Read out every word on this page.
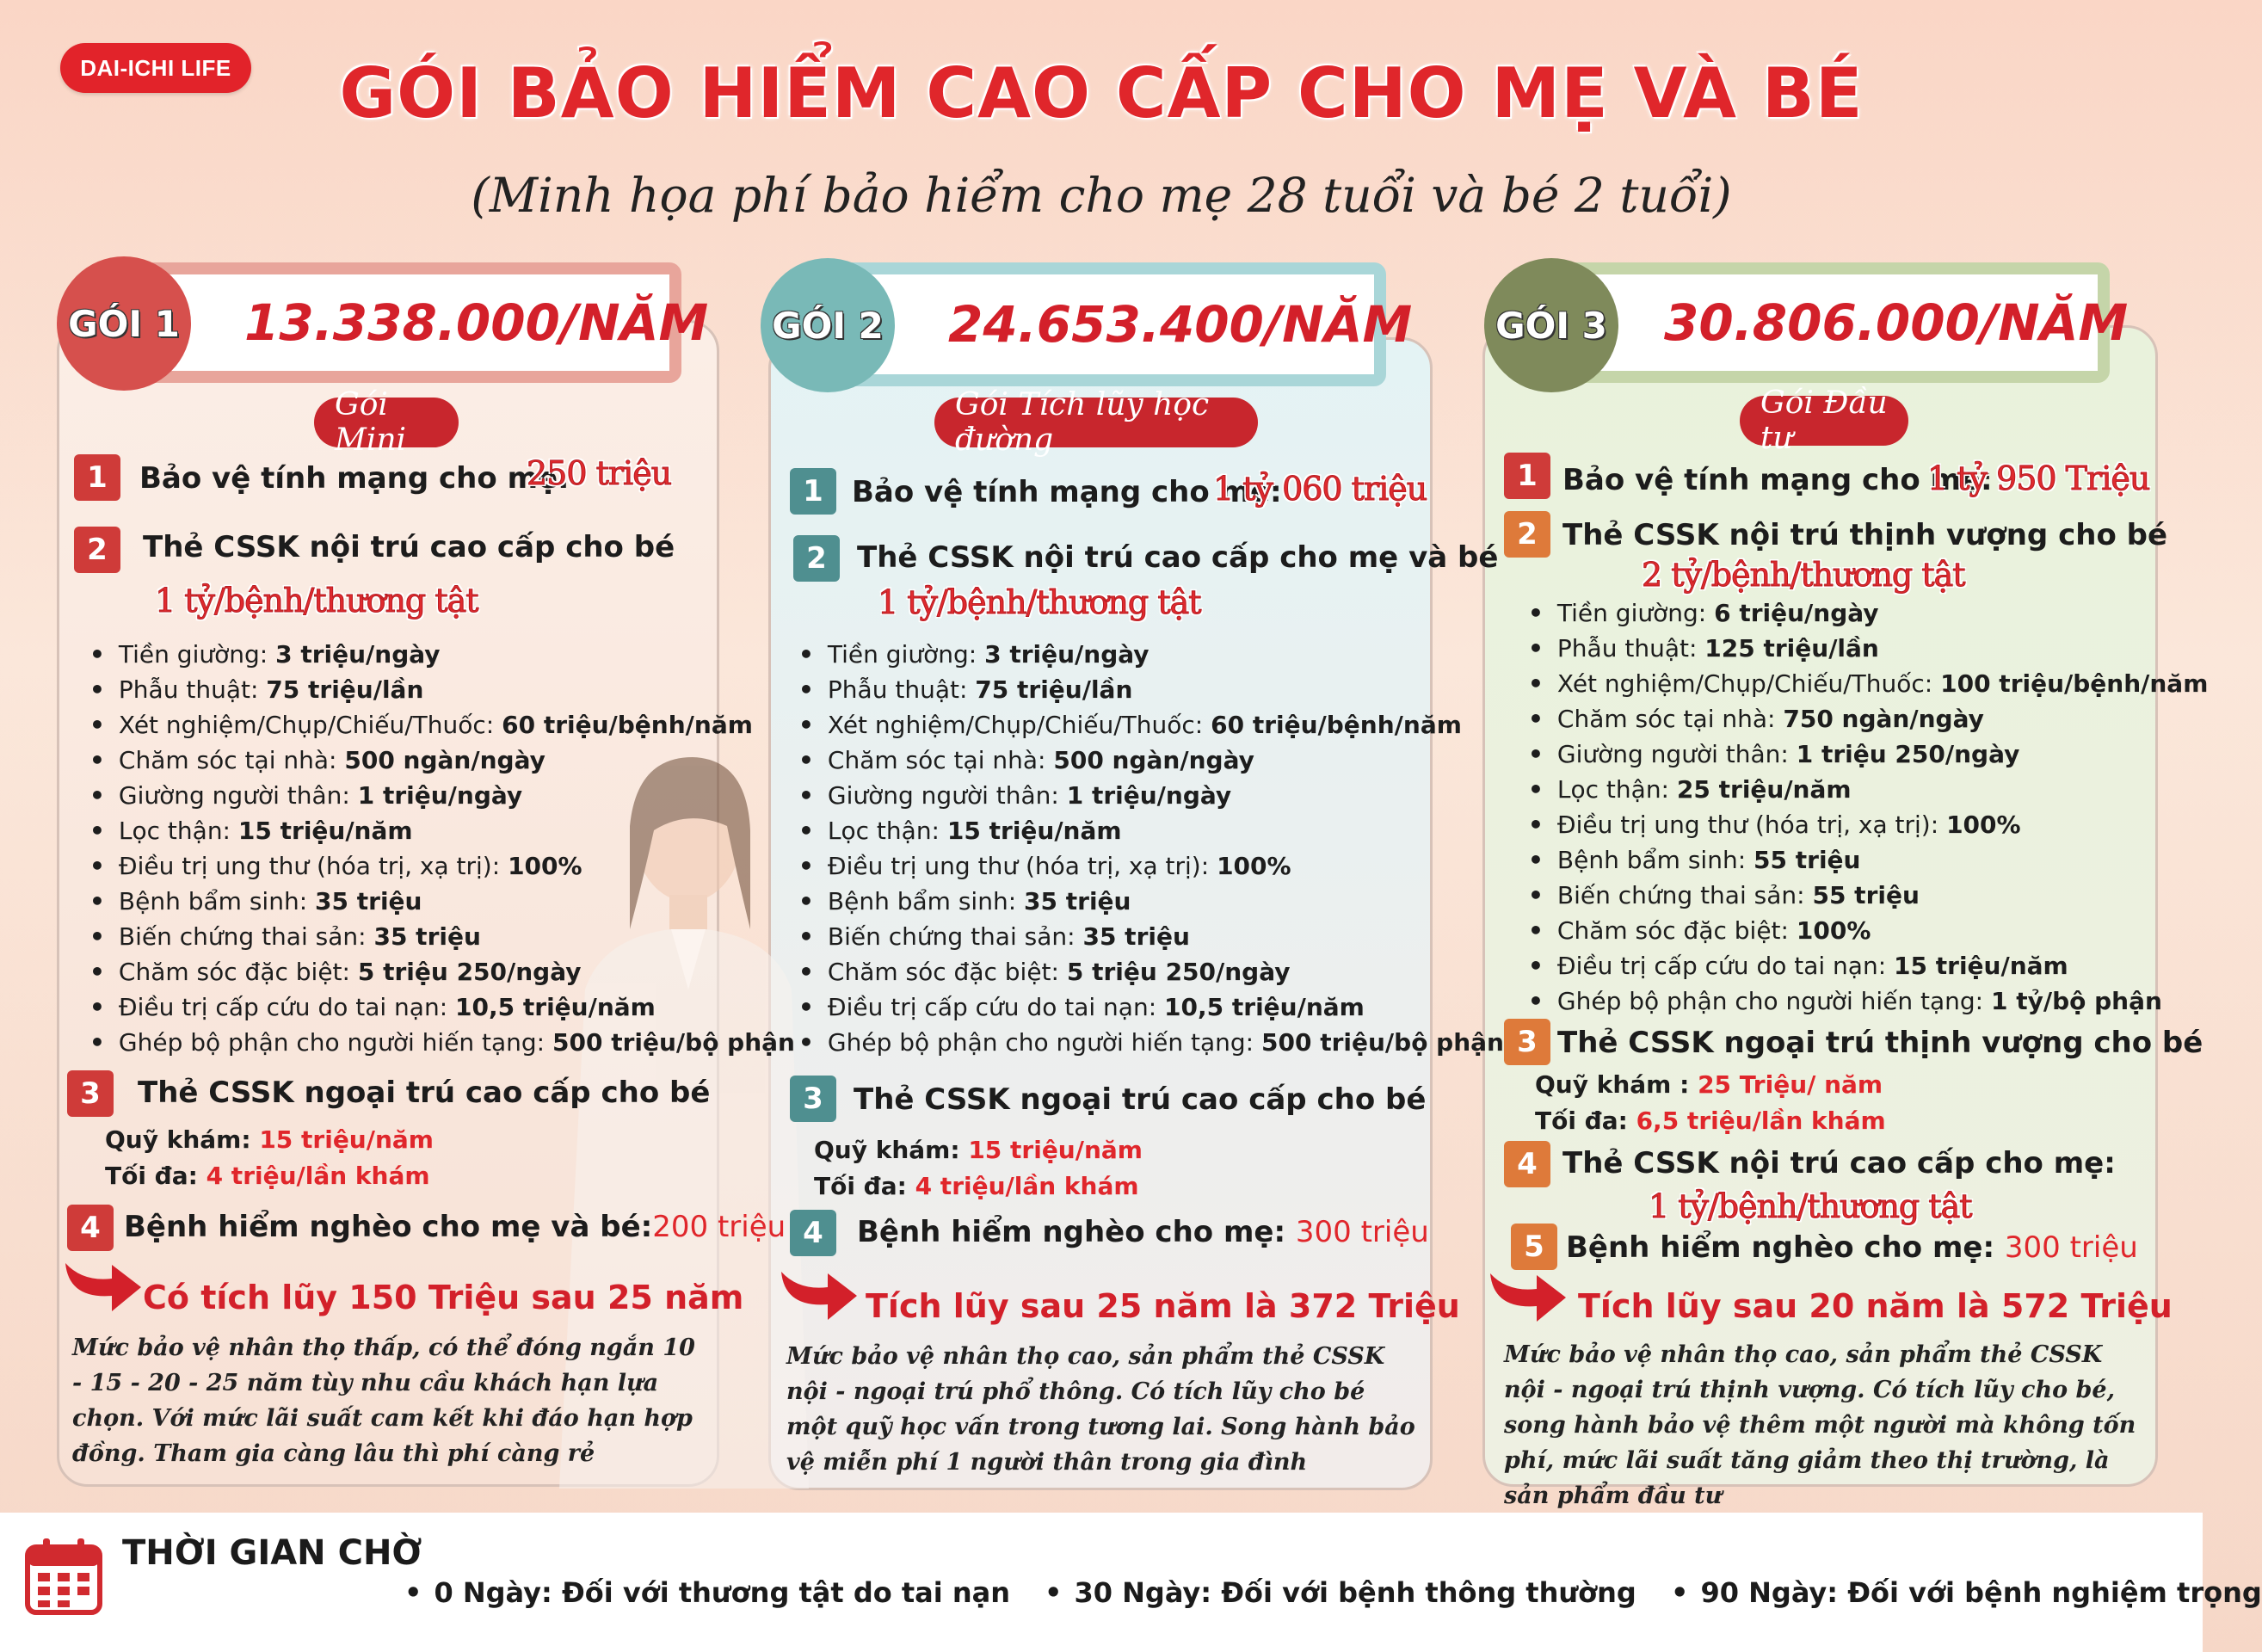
DAI-ICHI LIFE	GÓI BẢO HIỂM CAO CẤP CHO MẸ VÀ BÉ
(Minh họa phí bảo hiểm cho mẹ 28 tuổi và bé 2 tuổi)
13.338.000/NĂM	24.653.400/NĂM	30.806.000/NĂM
GÓI 1	GÓI 2	GÓI 3
Gói Mini
1	Bảo vệ tính mạng cho mẹ:
250 triệu
2	Thẻ CSSK nội trú cao cấp cho bé
1 tỷ/bệnh/thương tật
• Tiền giường: 3 triệu/ngày
• Phẫu thuật: 75 triệu/lần
• Xét nghiệm/Chụp/Chiếu/Thuốc: 60 triệu/bệnh/năm
• Chăm sóc tại nhà: 500 ngàn/ngày
• Giường người thân: 1 triệu/ngày
• Lọc thận: 15 triệu/năm
• Điều trị ung thư (hóa trị, xạ trị): 100%
• Bệnh bẩm sinh: 35 triệu
• Biến chứng thai sản: 35 triệu
• Chăm sóc đặc biệt: 5 triệu 250/ngày
• Điều trị cấp cứu do tai nạn: 10,5 triệu/năm
• Ghép bộ phận cho người hiến tạng: 500 triệu/bộ phận
3	Thẻ CSSK ngoại trú cao cấp cho bé
Quỹ khám: 15 triệu/năm
Tối đa: 4 triệu/lần khám
4 Bệnh hiểm nghèo cho mẹ và bé:200 triệu
Có tích lũy 150 Triệu sau 25 năm
Mức bảo vệ nhân thọ thấp, có thể đóng ngắn 10 - 15 - 20 - 25 năm tùy nhu cầu khách hạn lựa chọn. Với mức lãi suất cam kết khi đáo hạn hợp đồng. Tham gia càng lâu thì phí càng rẻ
Gói Tích lũy học đường
1 Bảo vệ tính mạng cho mẹ:
1 tỷ 060 triệu
2	Thẻ CSSK nội trú cao cấp cho mẹ và bé
1 tỷ/bệnh/thương tật
• Tiền giường: 3 triệu/ngày
• Phẫu thuật: 75 triệu/lần
• Xét nghiệm/Chụp/Chiếu/Thuốc: 60 triệu/bệnh/năm
• Chăm sóc tại nhà: 500 ngàn/ngày
• Giường người thân: 1 triệu/ngày
• Lọc thận: 15 triệu/năm
• Điều trị ung thư (hóa trị, xạ trị): 100%
• Bệnh bẩm sinh: 35 triệu
• Biến chứng thai sản: 35 triệu
• Chăm sóc đặc biệt: 5 triệu 250/ngày
• Điều trị cấp cứu do tai nạn: 10,5 triệu/năm
• Ghép bộ phận cho người hiến tạng: 500 triệu/bộ phận
3	Thẻ CSSK ngoại trú cao cấp cho bé
Quỹ khám: 15 triệu/năm
Tối đa: 4 triệu/lần khám
4	Bệnh hiểm nghèo cho mẹ: 300 triệu
Tích lũy sau 25 năm là 372 Triệu
Mức bảo vệ nhân thọ cao, sản phẩm thẻ CSSK nội - ngoại trú phổ thông. Có tích lũy cho bé một quỹ học vấn trong tương lai. Song hành bảo vệ miễn phí 1 người thân trong gia đình
Gói Đầu tư
1 Bảo vệ tính mạng cho mẹ:
1 tỷ 950 Triệu
2 Thẻ CSSK nội trú thịnh vượng cho bé
2 tỷ/bệnh/thương tật
• Tiền giường: 6 triệu/ngày
• Phẫu thuật: 125 triệu/lần
• Xét nghiệm/Chụp/Chiếu/Thuốc: 100 triệu/bệnh/năm
• Chăm sóc tại nhà: 750 ngàn/ngày
• Giường người thân: 1 triệu 250/ngày
• Lọc thận: 25 triệu/năm
• Điều trị ung thư (hóa trị, xạ trị): 100%
• Bệnh bẩm sinh: 55 triệu
• Biến chứng thai sản: 55 triệu
• Chăm sóc đặc biệt: 100%
• Điều trị cấp cứu do tai nạn: 15 triệu/năm
• Ghép bộ phận cho người hiến tạng: 1 tỷ/bộ phận
3 Thẻ CSSK ngoại trú thịnh vượng cho bé
Quỹ khám : 25 Triệu/ năm
Tối đa: 6,5 triệu/lần khám
4 Thẻ CSSK nội trú cao cấp cho mẹ:
1 tỷ/bệnh/thương tật
5 Bệnh hiểm nghèo cho mẹ: 300 triệu
Tích lũy sau 20 năm là 572 Triệu
Mức bảo vệ nhân thọ cao, sản phẩm thẻ CSSK nội - ngoại trú thịnh vượng. Có tích lũy cho bé, song hành bảo vệ thêm một người mà không tốn phí, mức lãi suất tăng giảm theo thị trường, là sản phẩm đầu tư
THỜI GIAN CHỜ
• 0 Ngày: Đối với thương tật do tai nạn	• 30 Ngày: Đối với bệnh thông thường	• 90 Ngày: Đối với bệnh nghiệm trọng
